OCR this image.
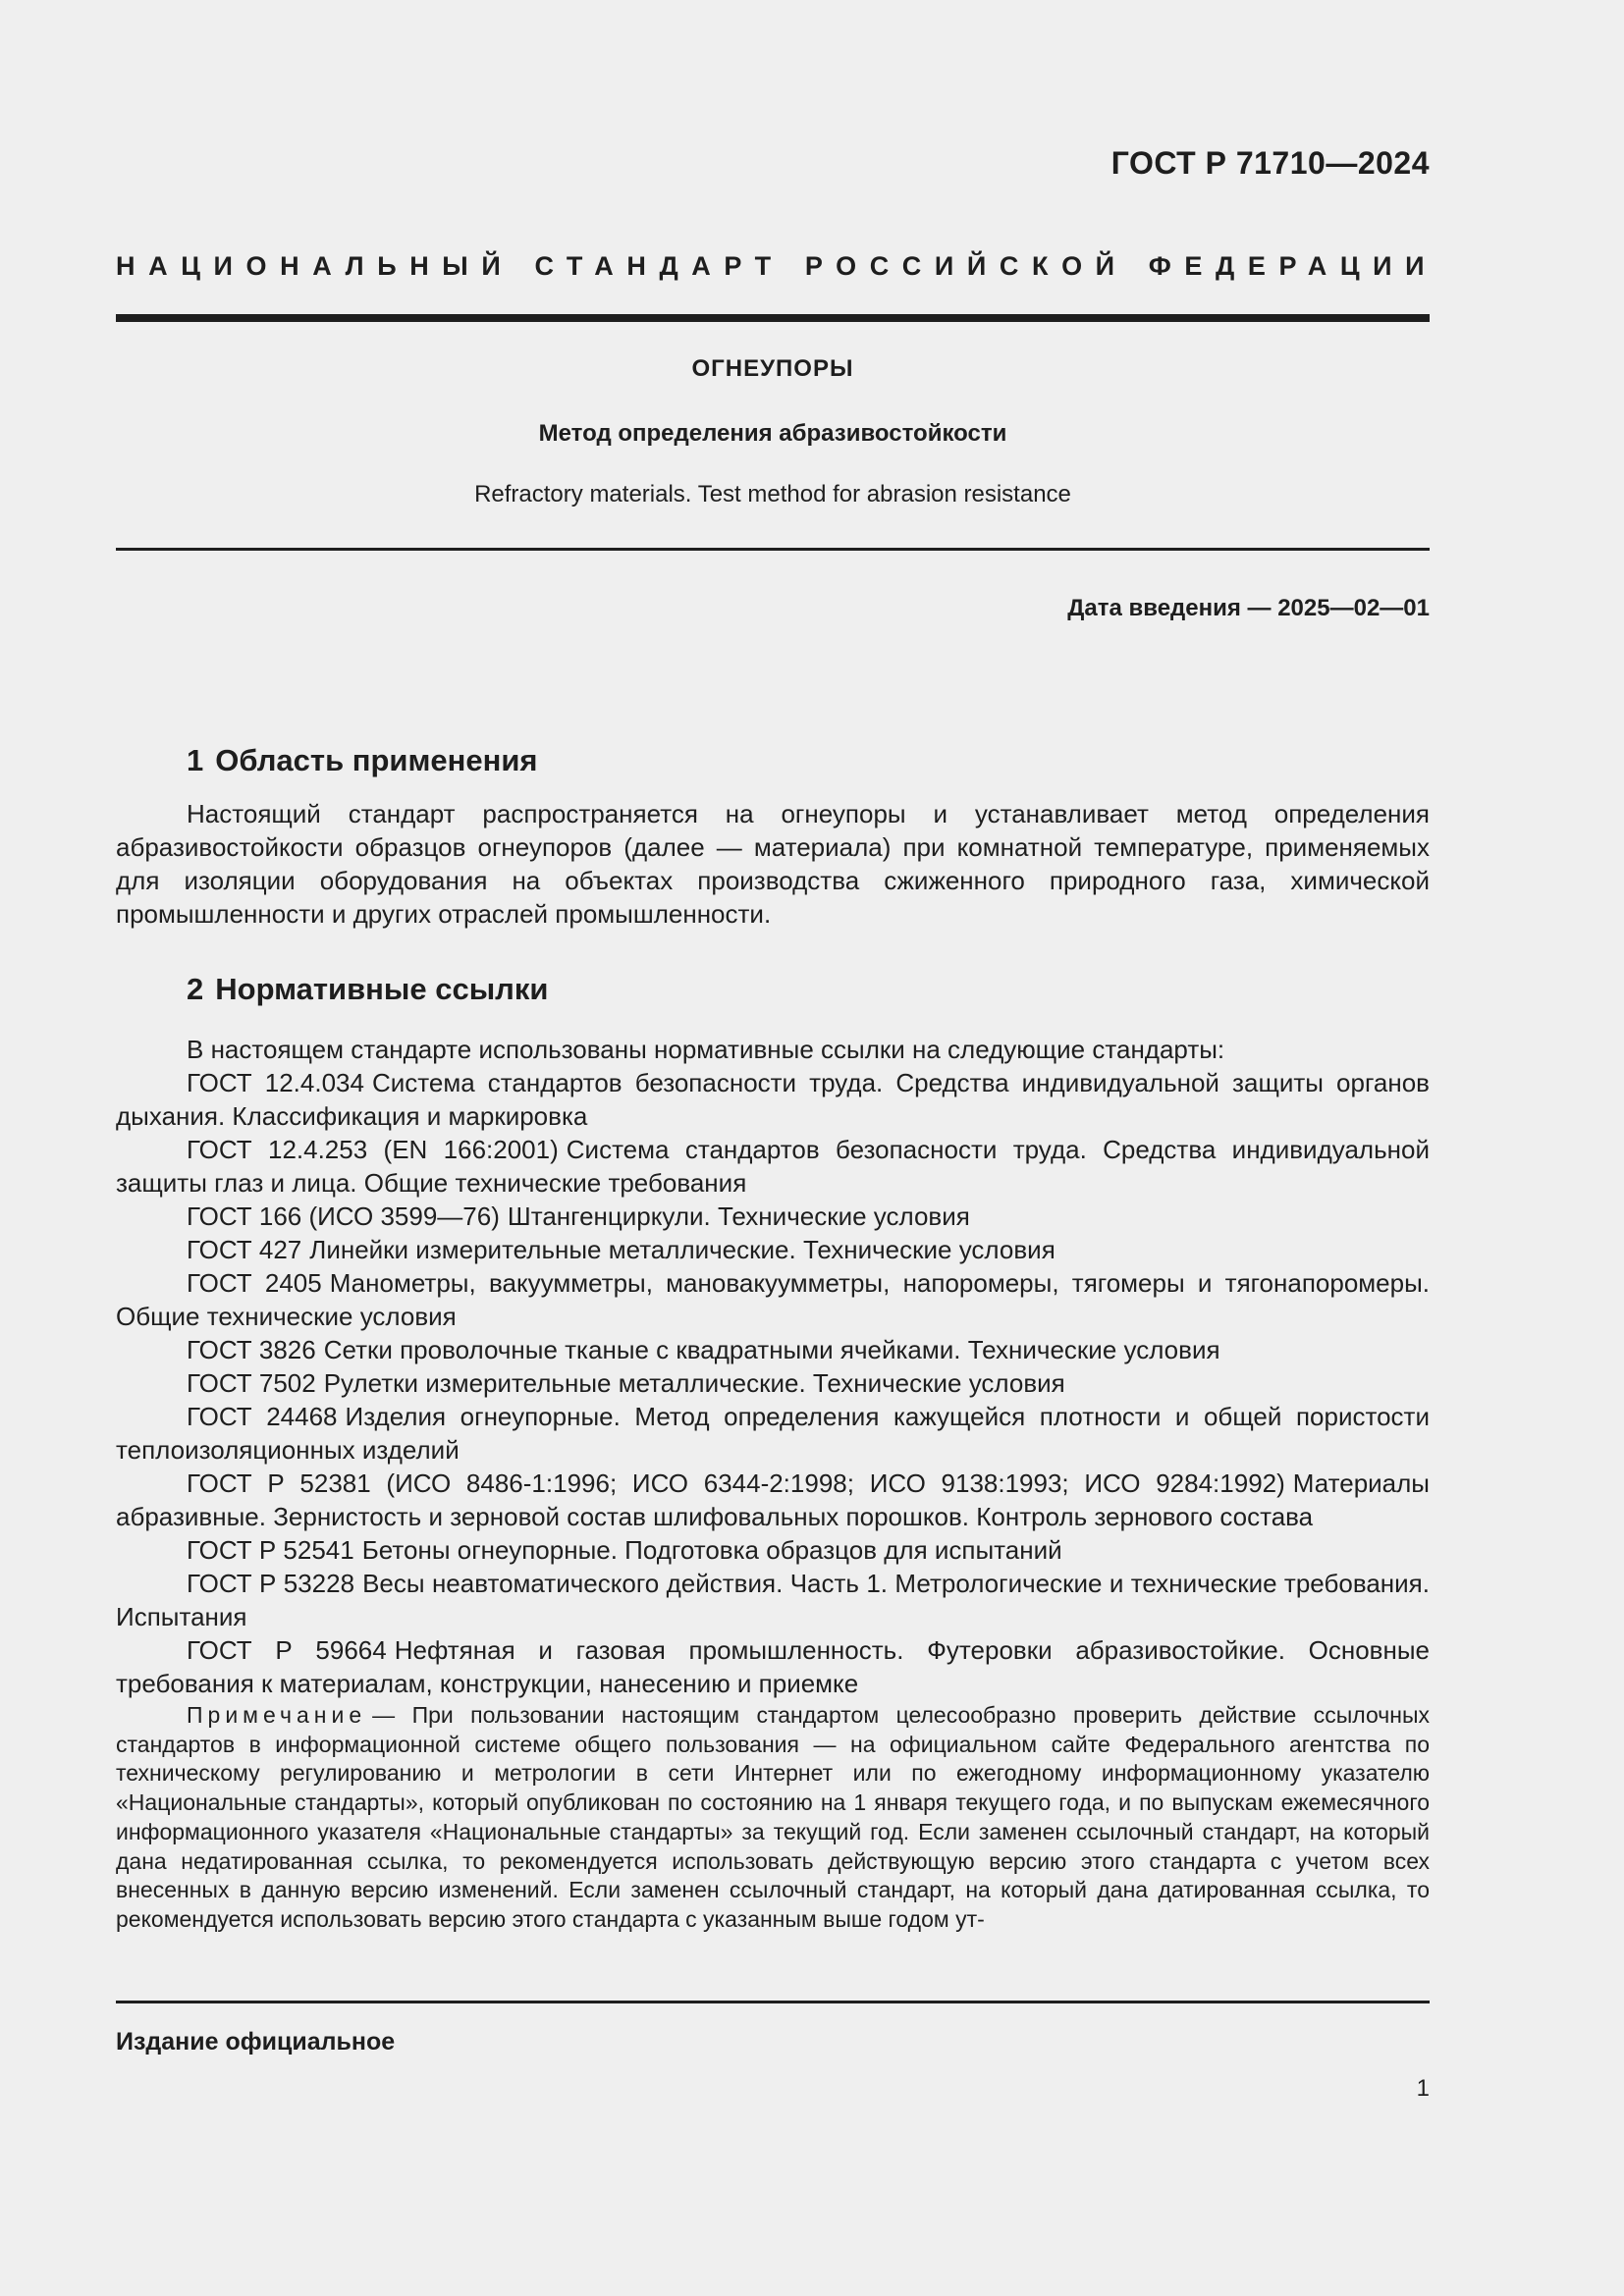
ГОСТ Р 71710—2024
НАЦИОНАЛЬНЫЙ СТАНДАРТ РОССИЙСКОЙ ФЕДЕРАЦИИ
ОГНЕУПОРЫ
Метод определения абразивостойкости
Refractory materials. Test method for abrasion resistance
Дата введения — 2025—02—01
1 Область применения

Настоящий стандарт распространяется на огнеупоры и устанавливает метод определения абразивостойкости образцов огнеупоров (далее — материала) при комнатной температуре, применяемых для изоляции оборудования на объектах производства сжиженного природного газа, химической промышленности и других отраслей промышленности.

2 Нормативные ссылки

В настоящем стандарте использованы нормативные ссылки на следующие стандарты:

ГОСТ 12.4.034 Система стандартов безопасности труда. Средства индивидуальной защиты органов дыхания. Классификация и маркировка

ГОСТ 12.4.253 (EN 166:2001) Система стандартов безопасности труда. Средства индивидуальной защиты глаз и лица. Общие технические требования

ГОСТ 166 (ИСО 3599—76) Штангенциркули. Технические условия

ГОСТ 427 Линейки измерительные металлические. Технические условия

ГОСТ 2405 Манометры, вакуумметры, мановакуумметры, напоромеры, тягомеры и тягонапоромеры. Общие технические условия

ГОСТ 3826 Сетки проволочные тканые с квадратными ячейками. Технические условия

ГОСТ 7502 Рулетки измерительные металлические. Технические условия

ГОСТ 24468 Изделия огнеупорные. Метод определения кажущейся плотности и общей пористости теплоизоляционных изделий

ГОСТ Р 52381 (ИСО 8486-1:1996; ИСО 6344-2:1998; ИСО 9138:1993; ИСО 9284:1992) Материалы абразивные. Зернистость и зерновой состав шлифовальных порошков. Контроль зернового состава

ГОСТ Р 52541 Бетоны огнеупорные. Подготовка образцов для испытаний

ГОСТ Р 53228 Весы неавтоматического действия. Часть 1. Метрологические и технические требования. Испытания

ГОСТ Р 59664 Нефтяная и газовая промышленность. Футеровки абразивостойкие. Основные требования к материалам, конструкции, нанесению и приемке

Примечание — При пользовании настоящим стандартом целесообразно проверить действие ссылочных стандартов в информационной системе общего пользования — на официальном сайте Федерального агентства по техническому регулированию и метрологии в сети Интернет или по ежегодному информационному указателю «Национальные стандарты», который опубликован по состоянию на 1 января текущего года, и по выпускам ежемесячного информационного указателя «Национальные стандарты» за текущий год. Если заменен ссылочный стандарт, на который дана недатированная ссылка, то рекомендуется использовать действующую версию этого стандарта с учетом всех внесенных в данную версию изменений. Если заменен ссылочный стандарт, на который дана датированная ссылка, то рекомендуется использовать версию этого стандарта с указанным выше годом ут-

Издание официальное
1
